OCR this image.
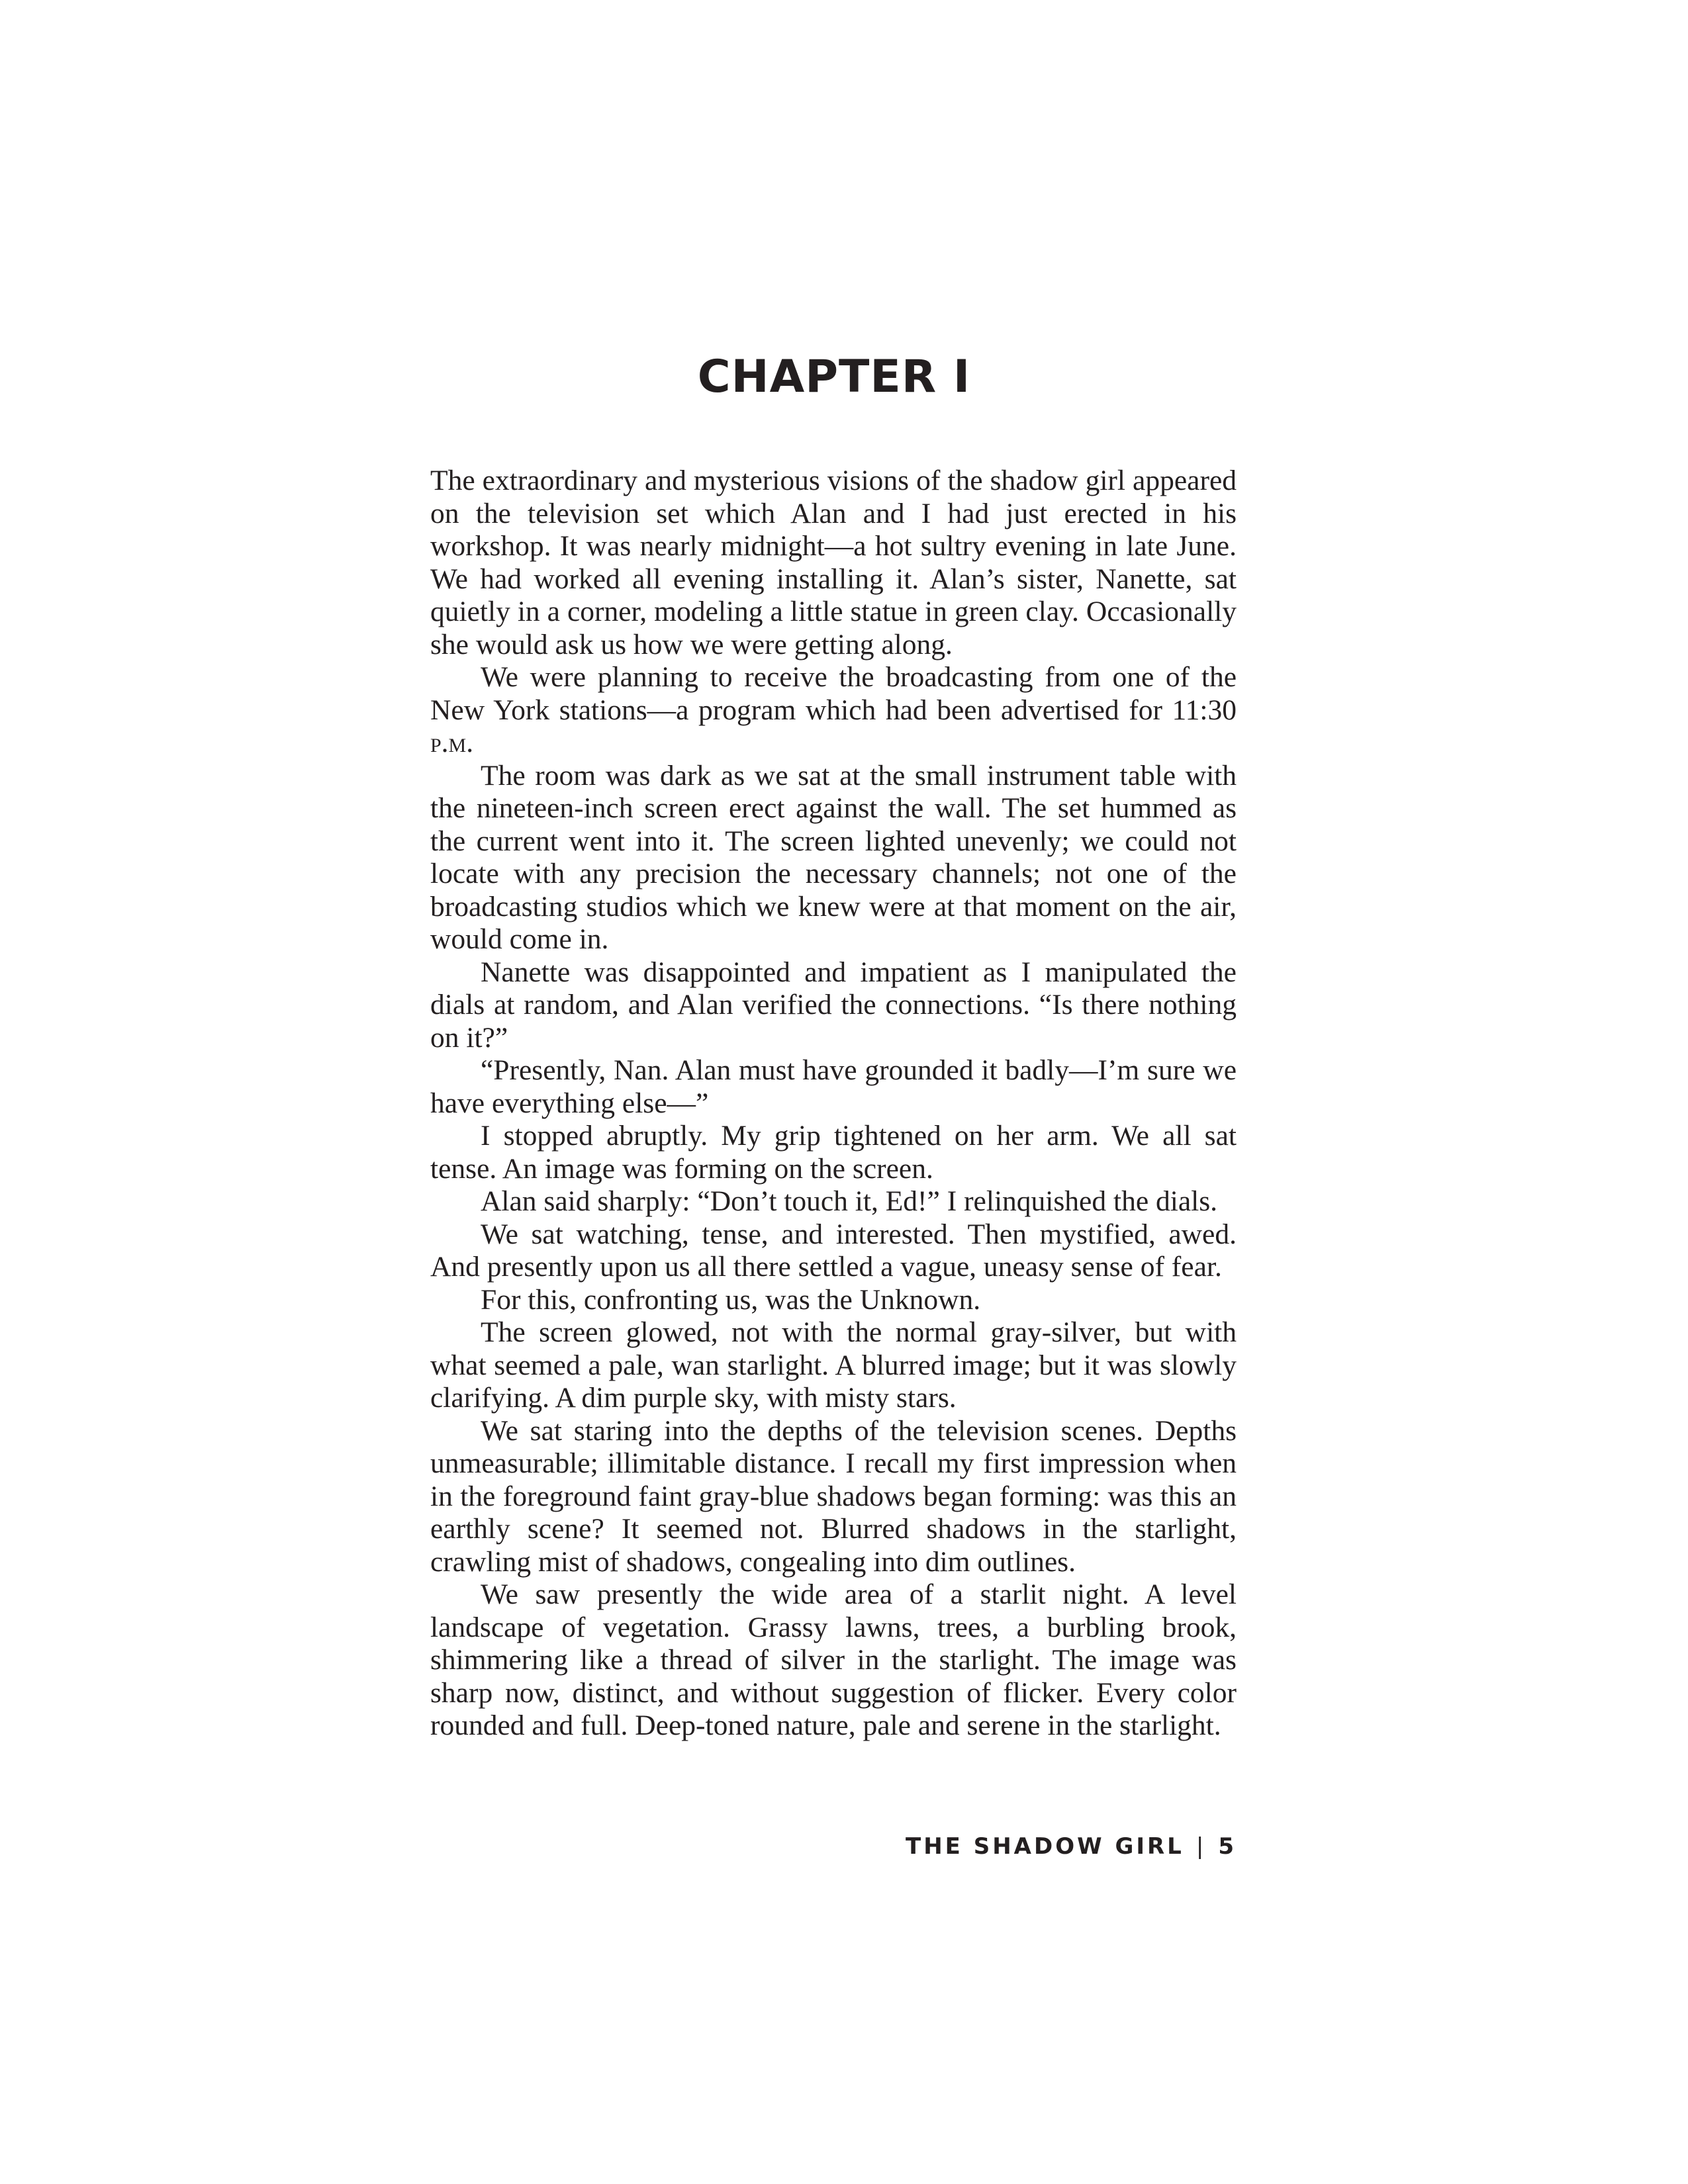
CHAPTER I

The extraordinary and mysterious visions of the shadow girl appeared on the television set which Alan and I had just erected in his workshop. It was nearly midnight—a hot sultry evening in late June. We had worked all evening installing it. Alan’s sister, Nanette, sat quietly in a corner, modeling a little statue in green clay. Occasionally she would ask us how we were getting along.

We were planning to receive the broadcasting from one of the New York stations—a program which had been advertised for 11:30 p.m.

The room was dark as we sat at the small instrument table with the nineteen-inch screen erect against the wall. The set hummed as the current went into it. The screen lighted unevenly; we could not locate with any precision the necessary channels; not one of the broadcasting studios which we knew were at that moment on the air, would come in.

Nanette was disappointed and impatient as I manipulated the dials at random, and Alan verified the connections. “Is there nothing on it?”

“Presently, Nan. Alan must have grounded it badly—I’m sure we have everything else—”

I stopped abruptly. My grip tightened on her arm. We all sat tense. An image was forming on the screen.

Alan said sharply: “Don’t touch it, Ed!” I relinquished the dials.

We sat watching, tense, and interested. Then mystified, awed. And presently upon us all there settled a vague, uneasy sense of fear.

For this, confronting us, was the Unknown.

The screen glowed, not with the normal gray-silver, but with what seemed a pale, wan starlight. A blurred image; but it was slowly clarifying. A dim purple sky, with misty stars.

We sat staring into the depths of the television scenes. Depths unmeasurable; illimitable distance. I recall my first impression when in the foreground faint gray-blue shadows began forming: was this an earthly scene? It seemed not. Blurred shadows in the starlight, crawling mist of shadows, congealing into dim outlines.

We saw presently the wide area of a starlit night. A level landscape of vegetation. Grassy lawns, trees, a burbling brook, shimmering like a thread of silver in the starlight. The image was sharp now, distinct, and without suggestion of flicker. Every color rounded and full. Deep-toned nature, pale and serene in the starlight.

THE SHADOW GIRL | 5
